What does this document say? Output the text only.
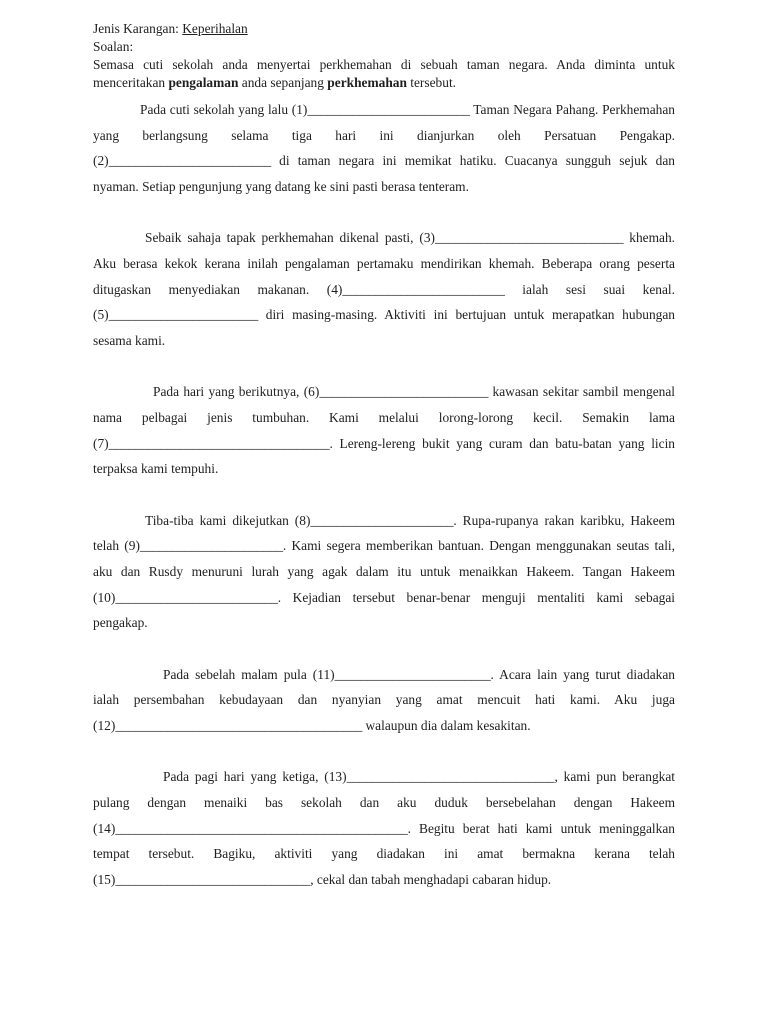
Jenis Karangan: Keperihalan

Soalan:

Semasa cuti sekolah anda menyertai perkhemahan di sebuah taman negara. Anda diminta untuk menceritakan pengalaman anda sepanjang perkhemahan tersebut.

Pada cuti sekolah yang lalu (1)_________________________ Taman Negara Pahang. Perkhemahan yang berlangsung selama tiga hari ini dianjurkan oleh Persatuan Pengakap. (2)_________________________ di taman negara ini memikat hatiku. Cuacanya sungguh sejuk dan nyaman. Setiap pengunjung yang datang ke sini pasti berasa tenteram.

Sebaik sahaja tapak perkhemahan dikenal pasti, (3)_____________________________ khemah. Aku berasa kekok kerana inilah pengalaman pertamaku mendirikan khemah. Beberapa orang peserta ditugaskan menyediakan makanan. (4)_________________________ ialah sesi suai kenal. (5)_______________________ diri masing-masing. Aktiviti ini bertujuan untuk merapatkan hubungan sesama kami.

Pada hari yang berikutnya, (6)__________________________ kawasan sekitar sambil mengenal nama pelbagai jenis tumbuhan. Kami melalui lorong-lorong kecil. Semakin lama (7)__________________________________. Lereng-lereng bukit yang curam dan batu-batan yang licin terpaksa kami tempuhi.

Tiba-tiba kami dikejutkan (8)______________________. Rupa-rupanya rakan karibku, Hakeem telah (9)______________________. Kami segera memberikan bantuan. Dengan menggunakan seutas tali, aku dan Rusdy menuruni lurah yang agak dalam itu untuk menaikkan Hakeem. Tangan Hakeem (10)_________________________. Kejadian tersebut benar-benar menguji mentaliti kami sebagai pengakap.

Pada sebelah malam pula (11)________________________. Acara lain yang turut diadakan ialah persembahan kebudayaan dan nyanyian yang amat mencuit hati kami. Aku juga (12)______________________________________ walaupun dia dalam kesakitan.

Pada pagi hari yang ketiga, (13)________________________________, kami pun berangkat pulang dengan menaiki bas sekolah dan aku duduk bersebelahan dengan Hakeem (14)_____________________________________________. Begitu berat hati kami untuk meninggalkan tempat tersebut. Bagiku, aktiviti yang diadakan ini amat bermakna kerana telah (15)______________________________, cekal dan tabah menghadapi cabaran hidup.
